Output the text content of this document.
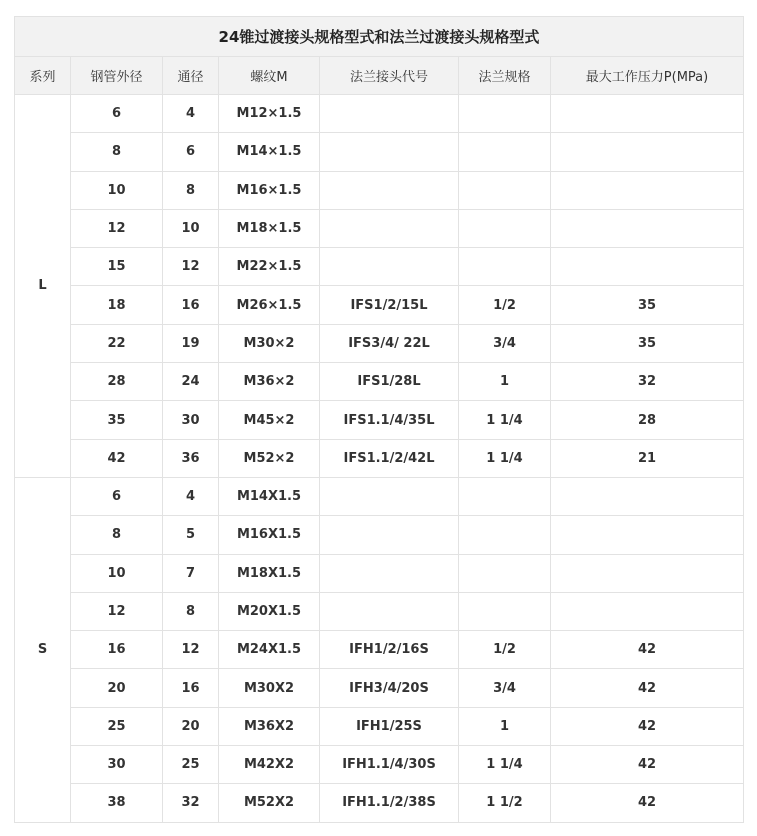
24锥过渡接头规格型式和法兰过渡接头规格型式						
系列	钢管外径	通径	螺纹M	法兰接头代号	法兰规格	最大工作压力P(MPa)
L	6	4	M12×1.5			
	8	6	M14×1.5			
	10	8	M16×1.5			
	12	10	M18×1.5			
	15	12	M22×1.5			
	18	16	M26×1.5	IFS1/2/15L	1/2	35
	22	19	M30×2	IFS3/4/ 22L	3/4	35
	28	24	M36×2	IFS1/28L	1	32
	35	30	M45×2	IFS1.1/4/35L	1 1/4	28
	42	36	M52×2	IFS1.1/2/42L	1 1/4	21
S	6	4	M14X1.5			
	8	5	M16X1.5			
	10	7	M18X1.5			
	12	8	M20X1.5			
	16	12	M24X1.5	IFH1/2/16S	1/2	42
	20	16	M30X2	IFH3/4/20S	3/4	42
	25	20	M36X2	IFH1/25S	1	42
	30	25	M42X2	IFH1.1/4/30S	1 1/4	42
	38	32	M52X2	IFH1.1/2/38S	1 1/2	42
